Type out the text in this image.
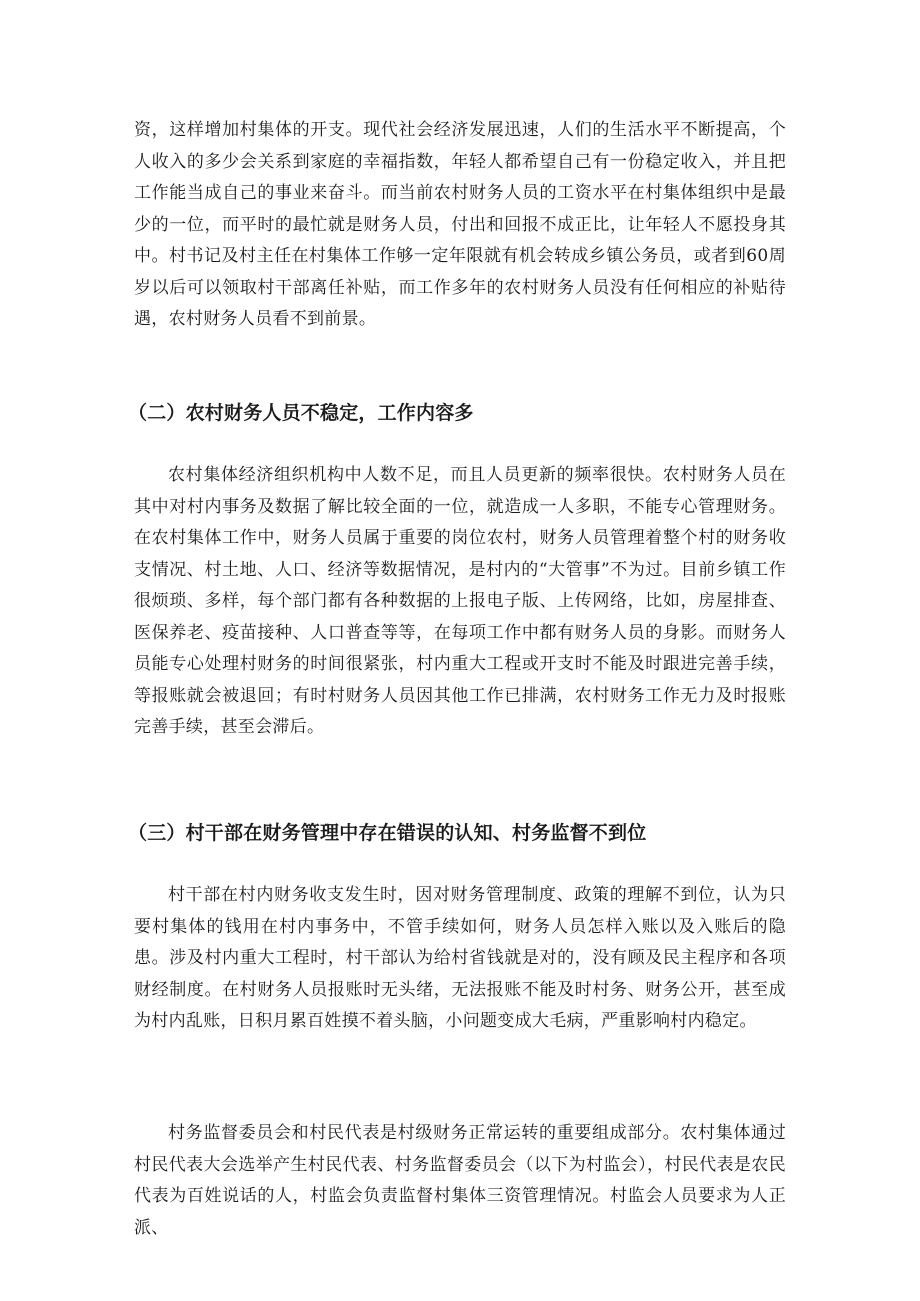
资，这样增加村集体的开支。现代社会经济发展迅速，人们的生活水平不断提高，个人收入的多少会关系到家庭的幸福指数，年轻人都希望自己有一份稳定收入，并且把工作能当成自己的事业来奋斗。而当前农村财务人员的工资水平在村集体组织中是最少的一位，而平时的最忙就是财务人员，付出和回报不成正比，让年轻人不愿投身其中。村书记及村主任在村集体工作够一定年限就有机会转成乡镇公务员，或者到60周岁以后可以领取村干部离任补贴，而工作多年的农村财务人员没有任何相应的补贴待遇，农村财务人员看不到前景。

（二）农村财务人员不稳定，工作内容多

农村集体经济组织机构中人数不足，而且人员更新的频率很快。农村财务人员在其中对村内事务及数据了解比较全面的一位，就造成一人多职，不能专心管理财务。在农村集体工作中，财务人员属于重要的岗位农村，财务人员管理着整个村的财务收支情况、村土地、人口、经济等数据情况，是村内的“大管事”不为过。目前乡镇工作很烦琐、多样，每个部门都有各种数据的上报电子版、上传网络，比如，房屋排查、医保养老、疫苗接种、人口普查等等，在每项工作中都有财务人员的身影。而财务人员能专心处理村财务的时间很紧张，村内重大工程或开支时不能及时跟进完善手续，等报账就会被退回；有时村财务人员因其他工作已排满，农村财务工作无力及时报账完善手续，甚至会滞后。

（三）村干部在财务管理中存在错误的认知、村务监督不到位

村干部在村内财务收支发生时，因对财务管理制度、政策的理解不到位，认为只要村集体的钱用在村内事务中，不管手续如何，财务人员怎样入账以及入账后的隐患。涉及村内重大工程时，村干部认为给村省钱就是对的，没有顾及民主程序和各项财经制度。在村财务人员报账时无头绪，无法报账不能及时村务、财务公开，甚至成为村内乱账，日积月累百姓摸不着头脑，小问题变成大毛病，严重影响村内稳定。

村务监督委员会和村民代表是村级财务正常运转的重要组成部分。农村集体通过村民代表大会选举产生村民代表、村务监督委员会（以下为村监会），村民代表是农民代表为百姓说话的人，村监会负责监督村集体三资管理情况。村监会人员要求为人正派、
